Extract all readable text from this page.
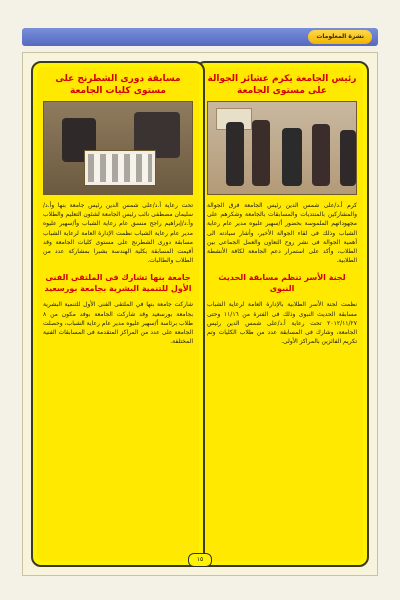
نشرة المعلومات
رئيس الجامعة يكرم عشائر الجوالة على مستوى الجامعة
كرم أ.د/على شمس الدين رئيس الجامعة فرق الجوالة والمشاركين بالمنتديات والمسابقات بالجامعة وشكرهم على مجهوداتهم الملموسة بحضور أ/سهير عليوه مدير عام رعاية الشباب وذلك فى لقاء الجوالة الأخير، وأشار سيادته الى أهمية الجوالة فى نشر روح التعاون والعمل الجماعى بين الطلاب، وأكد على استمرار دعم الجامعة لكافة الأنشطة الطلابية.
لجنة الأسر تنظم مسابقة الحديث النبوى
نظمت لجنة الأسر الطلابية بالإدارة العامة لرعاية الشباب مسابقة الحديث النبوى وذلك فى الفترة من ١١/١٦ وحتى ٢٠١٢/١١/٢٧ تحت رعاية أ.د/على شمس الدين رئيس الجامعة، وشارك فى المسابقة عدد من طلاب الكليات وتم تكريم الفائزين بالمراكز الأولى.
مسابقة دورى الشطرنج على مستوى كليات الجامعة
تحت رعاية أ.د/على شمس الدين رئيس جامعة بنها وأ.د/سليمان مصطفى نائب رئيس الجامعة لشئون التعليم والطلاب وأ.د/إبراهيم راجح منسق عام رعاية الشباب وأ/سهير عليوه مدير عام رعاية الشباب نظمت الإدارة العامة لرعاية الشباب مسابقة دورى الشطرنج على مستوى كليات الجامعة وقد أقيمت المسابقة بكلية الهندسة بشبرا بمشاركة عدد من الطلاب والطالبات.
جامعة بنها تشارك فى الملتقى الفنى الأول للتنمية البشرية بجامعة بورسعيد
شاركت جامعة بنها في الملتقى الفنى الأول للتنمية البشرية بجامعة بورسعيد وقد شاركت الجامعة بوفد مكون من ٨ طلاب برئاسة أ/سهير عليوه مدير عام رعاية الشباب، وحصلت الجامعة على عدد من المراكز المتقدمة فى المسابقات الفنية المختلفة.
١٥
